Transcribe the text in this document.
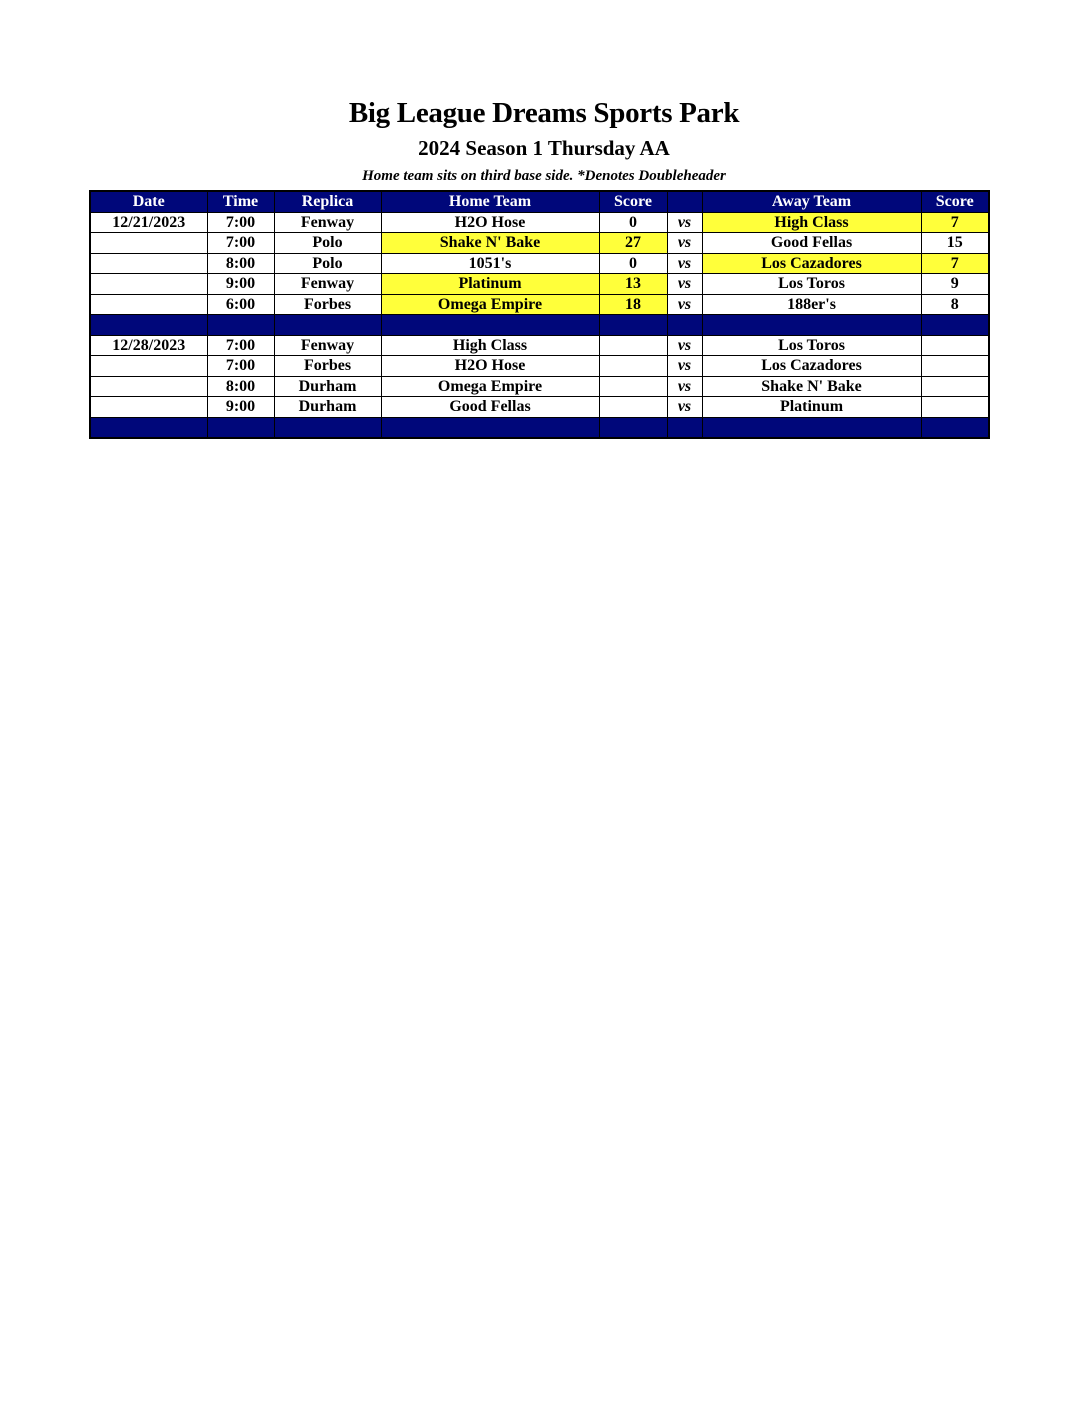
Big League Dreams Sports Park
2024 Season 1 Thursday AA
Home team sits on third base side. *Denotes Doubleheader
Date	Time	Replica	Home Team	Score		Away Team	Score
12/21/2023	7:00	Fenway	H2O Hose	0	vs	High Class	7
	7:00	Polo	Shake N' Bake	27	vs	Good Fellas	15
	8:00	Polo	1051's	0	vs	Los Cazadores	7
	9:00	Fenway	Platinum	13	vs	Los Toros	9
	6:00	Forbes	Omega Empire	18	vs	188er's	8

12/28/2023	7:00	Fenway	High Class		vs	Los Toros	
	7:00	Forbes	H2O Hose		vs	Los Cazadores	
	8:00	Durham	Omega Empire		vs	Shake N' Bake	
	9:00	Durham	Good Fellas		vs	Platinum	
